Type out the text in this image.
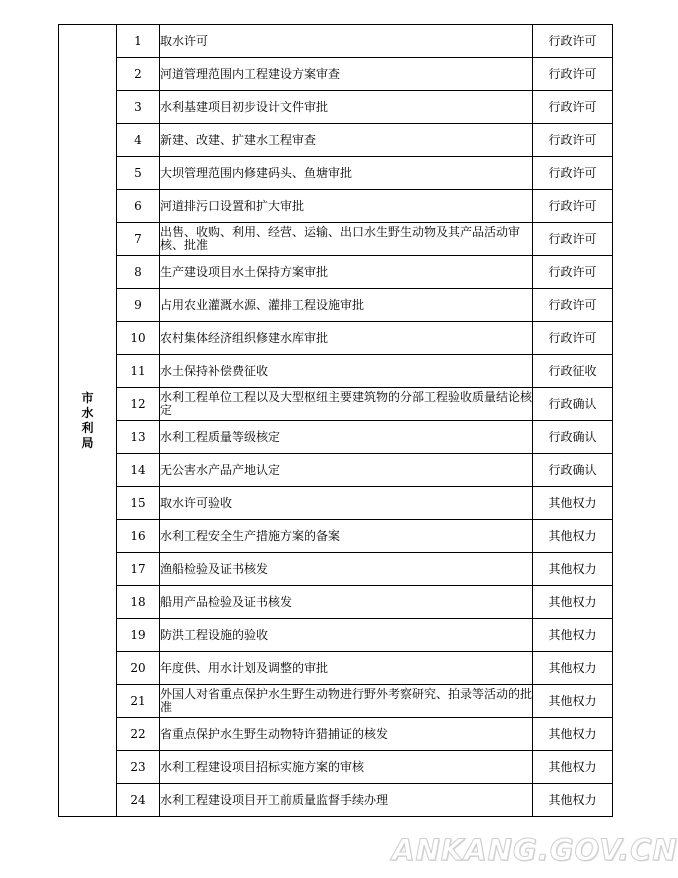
市水利局	1	取水许可	行政许可
	2	河道管理范围内工程建设方案审查	行政许可
	3	水利基建项目初步设计文件审批	行政许可
	4	新建、改建、扩建水工程审查	行政许可
	5	大坝管理范围内修建码头、鱼塘审批	行政许可
	6	河道排污口设置和扩大审批	行政许可
	7	出售、收购、利用、经营、运输、出口水生野生动物及其产品活动审核、批准	行政许可
	8	生产建设项目水土保持方案审批	行政许可
	9	占用农业灌溉水源、灌排工程设施审批	行政许可
	10	农村集体经济组织修建水库审批	行政许可
	11	水土保持补偿费征收	行政征收
	12	水利工程单位工程以及大型枢纽主要建筑物的分部工程验收质量结论核定	行政确认
	13	水利工程质量等级核定	行政确认
	14	无公害水产品产地认定	行政确认
	15	取水许可验收	其他权力
	16	水利工程安全生产措施方案的备案	其他权力
	17	渔船检验及证书核发	其他权力
	18	船用产品检验及证书核发	其他权力
	19	防洪工程设施的验收	其他权力
	20	年度供、用水计划及调整的审批	其他权力
	21	外国人对省重点保护水生野生动物进行野外考察研究、拍录等活动的批准	其他权力
	22	省重点保护水生野生动物特许猎捕证的核发	其他权力
	23	水利工程建设项目招标实施方案的审核	其他权力
	24	水利工程建设项目开工前质量监督手续办理	其他权力
ANKANG.GOV.CN
